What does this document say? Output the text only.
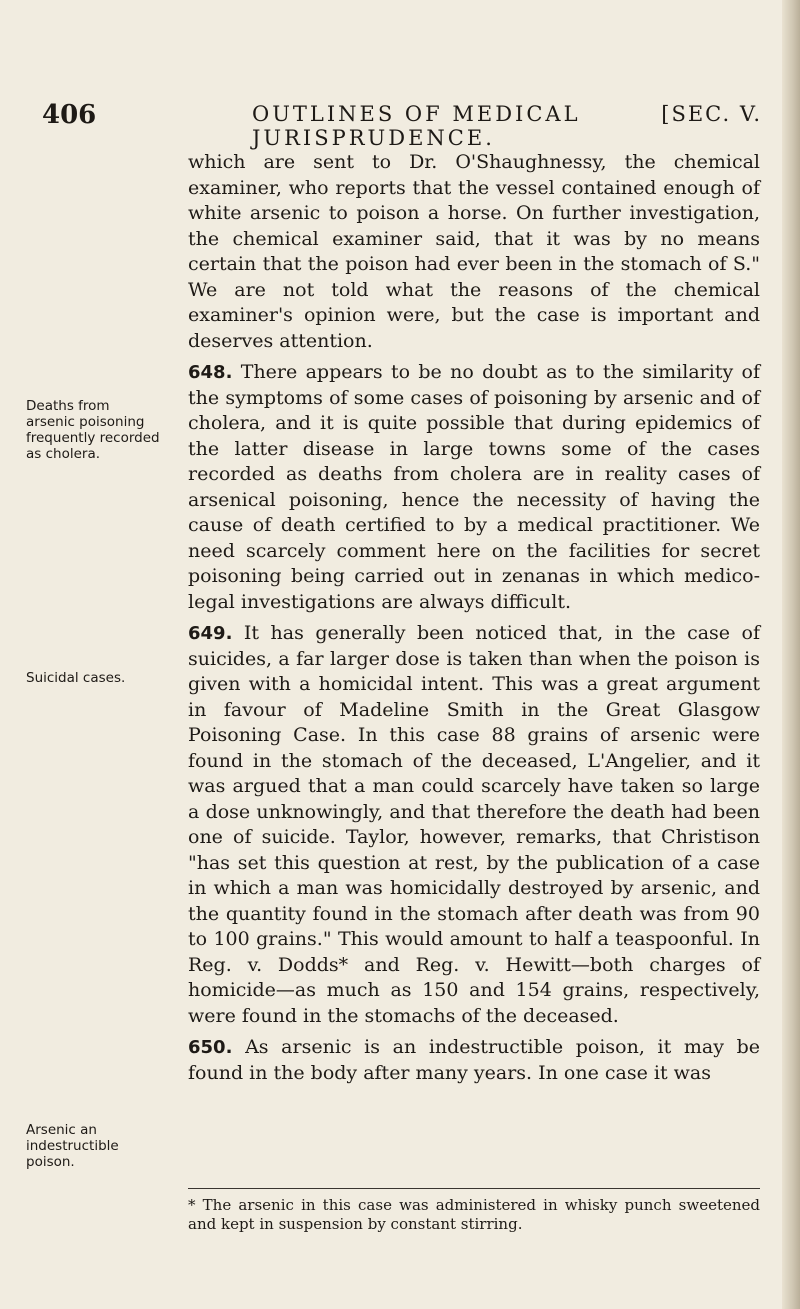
406	OUTLINES OF MEDICAL JURISPRUDENCE.
[SEC. V.

which are sent to Dr. O'Shaughnessy, the chemical examiner, who reports that the vessel contained enough of white arsenic to poison a horse. On further investigation, the chemical examiner said, that it was by no means certain that the poison had ever been in the stomach of S." We are not told what the reasons of the chemical examiner's opinion were, but the case is important and deserves attention.

648. There appears to be no doubt as to the similarity of the symptoms of some cases of poisoning by arsenic and of cholera, and it is quite possible that during epidemics of the latter disease in large towns some of the cases recorded as deaths from cholera are in reality cases of arsenical poisoning, hence the necessity of having the cause of death certified to by a medical practitioner. We need scarcely comment here on the facilities for secret poisoning being carried out in zenanas in which medico-legal investigations are always difficult.

649. It has generally been noticed that, in the case of suicides, a far larger dose is taken than when the poison is given with a homicidal intent. This was a great argument in favour of Madeline Smith in the Great Glasgow Poisoning Case. In this case 88 grains of arsenic were found in the stomach of the deceased, L'Angelier, and it was argued that a man could scarcely have taken so large a dose unknowingly, and that therefore the death had been one of suicide. Taylor, however, remarks, that Christison "has set this question at rest, by the publication of a case in which a man was homicidally destroyed by arsenic, and the quantity found in the stomach after death was from 90 to 100 grains." This would amount to half a teaspoonful. In Reg. v. Dodds* and Reg. v. Hewitt—both charges of homicide—as much as 150 and 154 grains, respectively, were found in the stomachs of the deceased.

650. As arsenic is an indestructible poison, it may be found in the body after many years. In one case it was

Deaths from arsenic poisoning frequently recorded as cholera.
Suicidal cases.
Arsenic an indestructible poison.
* The arsenic in this case was administered in whisky punch sweetened and kept in suspension by constant stirring.
